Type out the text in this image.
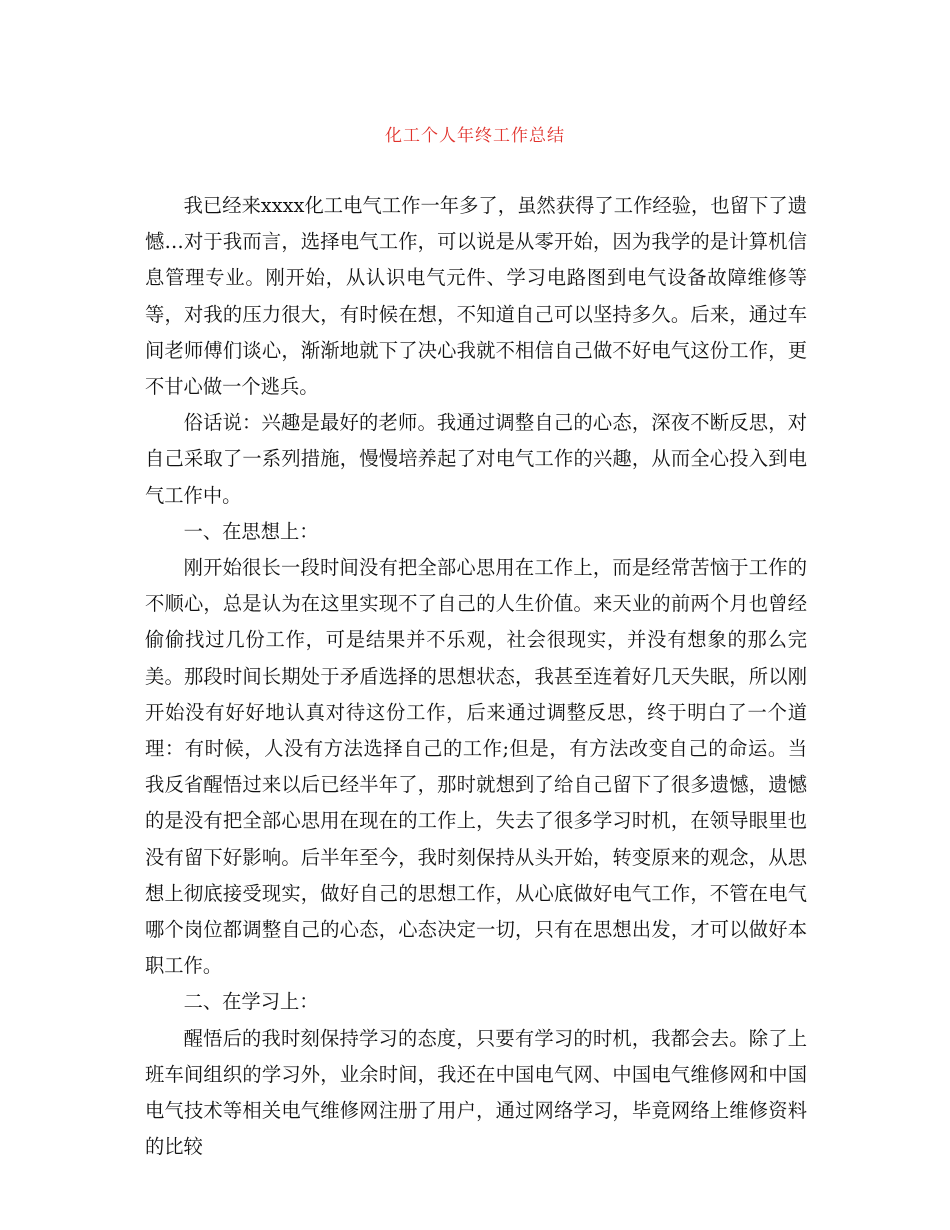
化工个人年终工作总结

我已经来xxxx化工电气工作一年多了，虽然获得了工作经验，也留下了遗憾…对于我而言，选择电气工作，可以说是从零开始，因为我学的是计算机信息管理专业。刚开始，从认识电气元件、学习电路图到电气设备故障维修等等，对我的压力很大，有时候在想，不知道自己可以坚持多久。后来，通过车间老师傅们谈心，渐渐地就下了决心我就不相信自己做不好电气这份工作，更不甘心做一个逃兵。

俗话说：兴趣是最好的老师。我通过调整自己的心态，深夜不断反思，对自己采取了一系列措施，慢慢培养起了对电气工作的兴趣，从而全心投入到电气工作中。

一、在思想上：

刚开始很长一段时间没有把全部心思用在工作上，而是经常苦恼于工作的不顺心，总是认为在这里实现不了自己的人生价值。来天业的前两个月也曾经偷偷找过几份工作，可是结果并不乐观，社会很现实，并没有想象的那么完美。那段时间长期处于矛盾选择的思想状态，我甚至连着好几天失眠，所以刚开始没有好好地认真对待这份工作，后来通过调整反思，终于明白了一个道理：有时候，人没有方法选择自己的工作;但是，有方法改变自己的命运。当我反省醒悟过来以后已经半年了，那时就想到了给自己留下了很多遗憾，遗憾的是没有把全部心思用在现在的工作上，失去了很多学习时机，在领导眼里也没有留下好影响。后半年至今，我时刻保持从头开始，转变原来的观念，从思想上彻底接受现实，做好自己的思想工作，从心底做好电气工作，不管在电气哪个岗位都调整自己的心态，心态决定一切，只有在思想出发，才可以做好本职工作。

二、在学习上：

醒悟后的我时刻保持学习的态度，只要有学习的时机，我都会去。除了上班车间组织的学习外，业余时间，我还在中国电气网、中国电气维修网和中国电气技术等相关电气维修网注册了用户，通过网络学习，毕竟网络上维修资料的比较
